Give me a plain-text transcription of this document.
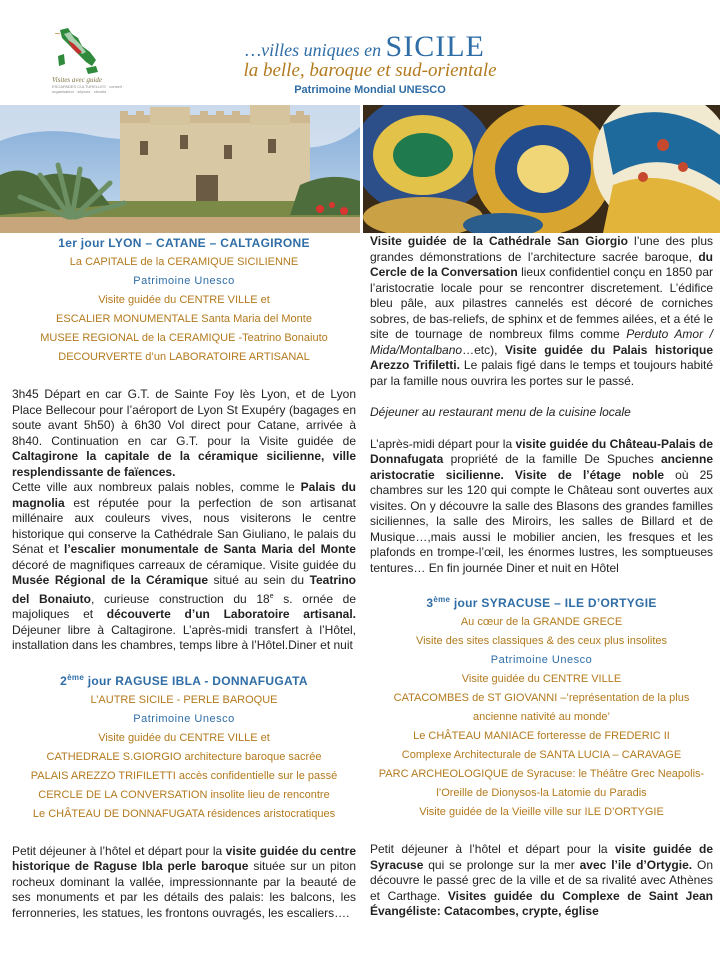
~
Visites avec guide
ESCAPADES CULTURELLES · conseil · organisation · séjours · circuits
…villes uniques en SICILE
la belle, baroque et sud-orientale
Patrimoine Mondial UNESCO
1er jour LYON – CATANE – CALTAGIRONE
La CAPITALE de la CERAMIQUE SICILIENNE
Patrimoine Unesco
Visite guidée du CENTRE VILLE et
ESCALIER MONUMENTALE Santa Maria del Monte
MUSEE REGIONAL de la CERAMIQUE -Teatrino Bonaiuto
DECOURVERTE d’un LABORATOIRE ARTISANAL
3h45 Départ en car G.T. de Sainte Foy lès Lyon, et de Lyon Place Bellecour pour l’aéroport de Lyon St Exupéry (bagages en soute avant 5h50) à 6h30 Vol direct pour Catane, arrivée à 8h40. Continuation en car G.T. pour la Visite guidée de Caltagirone la capitale de la céramique sicilienne, ville resplendissante de faïences.
Cette ville aux nombreux palais nobles, comme le Palais du magnolia est réputée pour la perfection de son artisanat millénaire aux couleurs vives, nous visiterons le centre historique qui conserve la Cathédrale San Giuliano, le palais du Sénat et l’escalier monumentale de Santa Maria del Monte décoré de magnifiques carreaux de céramique. Visite guidée du Musée Régional de la Céramique situé au sein du Teatrino del Bonaiuto, curieuse construction du 18e s. ornée de majoliques et découverte d’un Laboratoire artisanal. Déjeuner libre à Caltagirone. L’après-midi transfert à l’Hôtel, installation dans les chambres, temps libre à l’Hôtel.Diner et nuit
2ème jour RAGUSE IBLA - DONNAFUGATA
L’AUTRE SICILE - PERLE BAROQUE
Patrimoine Unesco
Visite guidée du CENTRE VILLE et
CATHEDRALE S.GIORGIO architecture baroque sacrée
PALAIS AREZZO TRIFILETTI accès confidentielle sur le passé
CERCLE DE LA CONVERSATION insolite lieu de rencontre
Le CHÂTEAU DE DONNAFUGATA résidences aristocratiques
Petit déjeuner à l’hôtel et départ pour la visite guidée du centre historique de Raguse Ibla perle baroque située sur un piton rocheux dominant la vallée, impressionnante par la beauté de ses monuments et par les détails des palais: les balcons, les ferronneries, les statues, les frontons ouvragés, les escaliers….
Visite guidée de la Cathédrale San Giorgio l’une des plus grandes démonstrations de l’architecture sacrée baroque, du Cercle de la Conversation lieux confidentiel conçu en 1850 par l’aristocratie locale pour se rencontrer discretement. L’édifice bleu pâle, aux pilastres cannelés est décoré de corniches sobres, de bas-reliefs, de sphinx et de femmes ailées, et a été le site de tournage de nombreux films comme Perduto Amor / Mida/Montalbano…etc), Visite guidée du Palais historique Arezzo Trifiletti. Le palais figé dans le temps et toujours habité par la famille nous ouvrira les portes sur le passé.
Déjeuner au restaurant menu de la cuisine locale
L’après-midi départ pour la visite guidée du Château-Palais de Donnafugata propriété de la famille De Spuches ancienne aristocratie sicilienne. Visite de l’étage noble où 25 chambres sur les 120 qui compte le Château sont ouvertes aux visites. On y découvre la salle des Blasons des grandes familles siciliennes, la salle des Miroirs, les salles de Billard et de Musique…,mais aussi le mobilier ancien, les fresques et les plafonds en trompe-l’œil, les énormes lustres, les somptueuses tentures… En fin journée Diner et nuit en Hôtel
3ème jour SYRACUSE – ILE D’ORTYGIE
Au cœur de la GRANDE GRECE
Visite des sites classiques & des ceux plus insolites
Patrimoine Unesco
Visite guidée du CENTRE VILLE
CATACOMBES de ST GIOVANNI –’représentation de la plus
ancienne nativité au monde’
Le CHÂTEAU MANIACE forteresse de FREDERIC II
Complexe Architecturale de SANTA LUCIA – CARAVAGE
PARC ARCHEOLOGIQUE de Syracuse: le Théâtre Grec Neapolis-
l’Oreille de Dionysos-la Latomie du Paradis
Visite guidée de la Vieille ville sur ILE D’ORTYGIE
Petit déjeuner à l’hôtel et départ pour la visite guidée de Syracuse qui se prolonge sur la mer avec l’ile d’Ortygie. On découvre le passé grec de la ville et de sa rivalité avec Athènes et Carthage. Visites guidée du Complexe de Saint Jean Évangéliste: Catacombes, crypte, église
